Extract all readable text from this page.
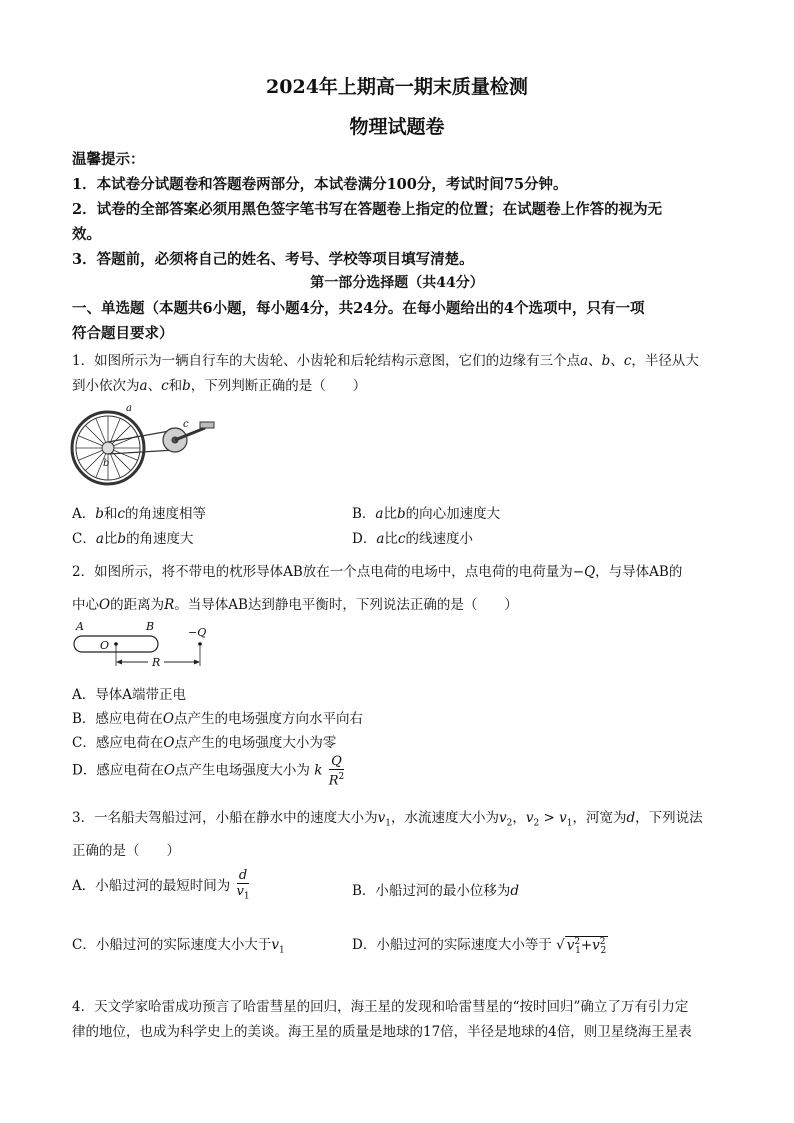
2024年上期高一期末质量检测
物理试题卷
温馨提示：
1．本试卷分试题卷和答题卷两部分，本试卷满分100分，考试时间75分钟。
2．试卷的全部答案必须用黑色签字笔书写在答题卷上指定的位置；在试题卷上作答的视为无
效。
3．答题前，必须将自己的姓名、考号、学校等项目填写清楚。
第一部分选择题（共44分）
一、单选题（本题共6小题，每小题4分，共24分。在每小题给出的4个选项中，只有一项
符合题目要求）
1．如图所示为一辆自行车的大齿轮、小齿轮和后轮结构示意图，它们的边缘有三个点a、b、c，半径从大
到小依次为a、c和b，下列判断正确的是（　　）
a
c
b
A．b和c的角速度相等	B．a比b的向心加速度大
C．a比b的角速度大	D．a比c的线速度小
2．如图所示，将不带电的枕形导体AB放在一个点电荷的电场中，点电荷的电荷量为−Q，与导体AB的
中心O的距离为R。当导体AB达到静电平衡时，下列说法正确的是（　　）
A	B	−Q
O
R
A．导体A端带正电
B．感应电荷在O点产生的电场强度方向水平向右
C．感应电荷在O点产生的电场强度大小为零
D．感应电荷在O点产生电场强度大小为 k $\frac{Q}{R^2}$
3．一名船夫驾船过河，小船在静水中的速度大小为$v_1$，水流速度大小为$v_2$，$v_2 > v_1$，河宽为d，下列说法
正确的是（　　）
A．小船过河的最短时间为 $\frac{d}{v_1}$	B．小船过河的最小位移为d
C．小船过河的实际速度大小大于$v_1$	D．小船过河的实际速度大小等于 √ $v^2_1+v^2_2$
4．天文学家哈雷成功预言了哈雷彗星的回归，海王星的发现和哈雷彗星的“按时回归”确立了万有引力定
律的地位，也成为科学史上的美谈。海王星的质量是地球的17倍，半径是地球的4倍，则卫星绕海王星表
